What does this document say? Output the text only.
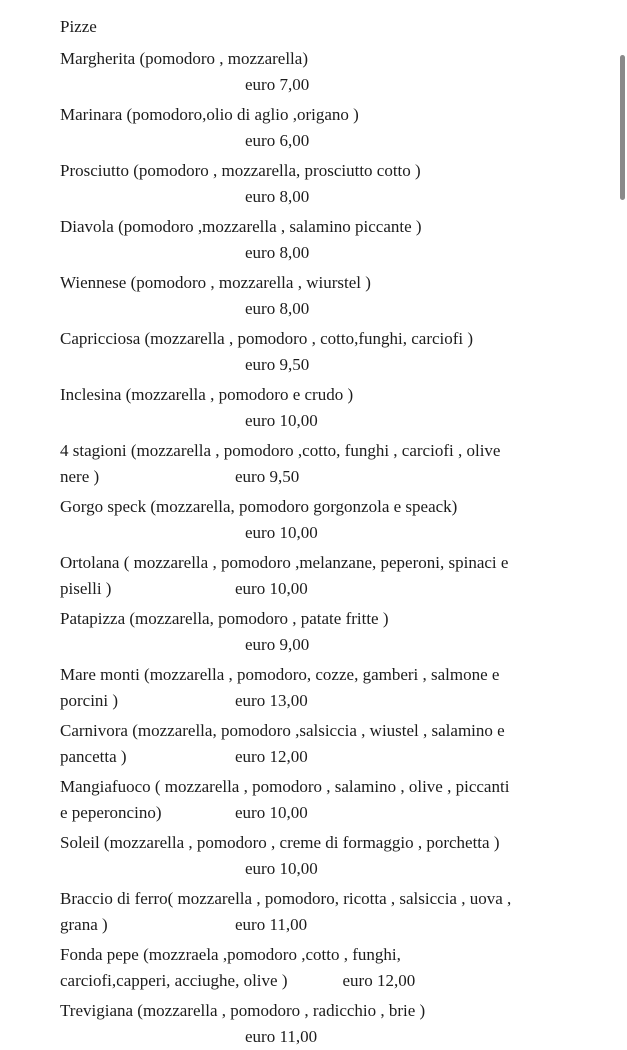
Pizze
Margherita (pomodoro , mozzarella)
euro 7,00
Marinara (pomodoro,olio di aglio ,origano )
euro 6,00
Prosciutto (pomodoro , mozzarella, prosciutto cotto )
euro 8,00
Diavola (pomodoro ,mozzarella , salamino piccante )
euro 8,00
Wiennese (pomodoro , mozzarella , wiurstel )
euro 8,00
Capricciosa (mozzarella , pomodoro , cotto,funghi, carciofi )
euro 9,50
Inclesina (mozzarella , pomodoro e crudo )
euro 10,00
4 stagioni (mozzarella , pomodoro ,cotto, funghi , carciofi , olive
nere )	euro 9,50
Gorgo speck (mozzarella, pomodoro gorgonzola e speack)
euro 10,00
Ortolana ( mozzarella , pomodoro ,melanzane, peperoni, spinaci e
piselli )	euro 10,00
Patapizza (mozzarella, pomodoro , patate fritte )
euro 9,00
Mare monti (mozzarella , pomodoro, cozze, gamberi , salmone e
porcini )	euro 13,00
Carnivora (mozzarella, pomodoro ,salsiccia , wiustel , salamino e
pancetta )	euro 12,00
Mangiafuoco ( mozzarella , pomodoro , salamino , olive , piccanti
e peperoncino)	euro 10,00
Soleil (mozzarella , pomodoro , creme di formaggio , porchetta )
euro 10,00
Braccio di ferro( mozzarella , pomodoro, ricotta , salsiccia , uova ,
grana )	euro 11,00
Fonda pepe (mozzraela ,pomodoro ,cotto , funghi,
carciofi,capperi, acciughe, olive )	euro 12,00
Trevigiana (mozzarella , pomodoro , radicchio , brie )
euro 11,00
